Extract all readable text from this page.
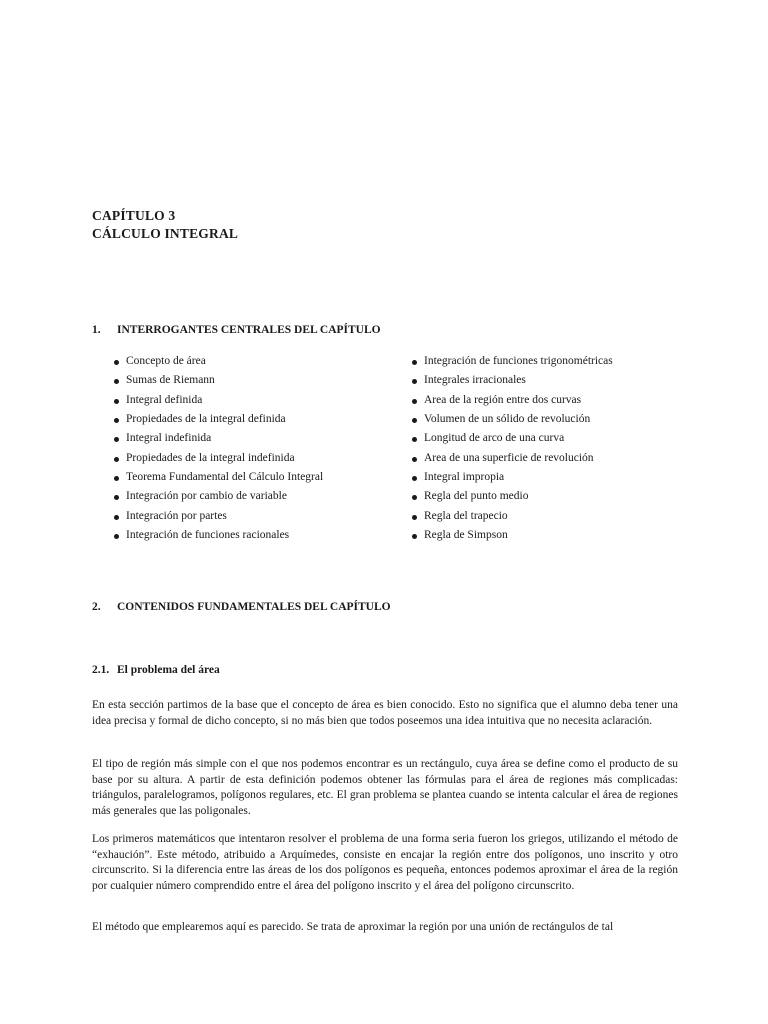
CAPÍTULO 3
CÁLCULO INTEGRAL
1. INTERROGANTES CENTRALES DEL CAPÍTULO
Concepto de área
Sumas de Riemann
Integral definida
Propiedades de la integral definida
Integral indefinida
Propiedades de la integral indefinida
Teorema Fundamental del Cálculo Integral
Integración por cambio de variable
Integración por partes
Integración de funciones racionales
Integración de funciones trigonométricas
Integrales irracionales
Area de la región entre dos curvas
Volumen de un sólido de revolución
Longitud de arco de una curva
Area de una superficie de revolución
Integral impropia
Regla del punto medio
Regla del trapecio
Regla de Simpson
2. CONTENIDOS FUNDAMENTALES DEL CAPÍTULO
2.1. El problema del área

En esta sección partimos de la base que el concepto de área es bien conocido. Esto no significa que el alumno deba tener una idea precisa y formal de dicho concepto, si no más bien que todos poseemos una idea intuitiva que no necesita aclaración.

El tipo de región más simple con el que nos podemos encontrar es un rectángulo, cuya área se define como el producto de su base por su altura. A partir de esta definición podemos obtener las fórmulas para el área de regiones más complicadas: triángulos, paralelogramos, polígonos regulares, etc. El gran problema se plantea cuando se intenta calcular el área de regiones más generales que las poligonales.

Los primeros matemáticos que intentaron resolver el problema de una forma seria fueron los griegos, utilizando el método de “exhaución”. Este método, atribuido a Arquímedes, consiste en encajar la región entre dos polígonos, uno inscrito y otro circunscrito. Si la diferencia entre las áreas de los dos polígonos es pequeña, entonces podemos aproximar el área de la región por cualquier número comprendido entre el área del polígono inscrito y el área del polígono circunscrito.

El método que emplearemos aquí es parecido. Se trata de aproximar la región por una unión de rectángulos de tal
